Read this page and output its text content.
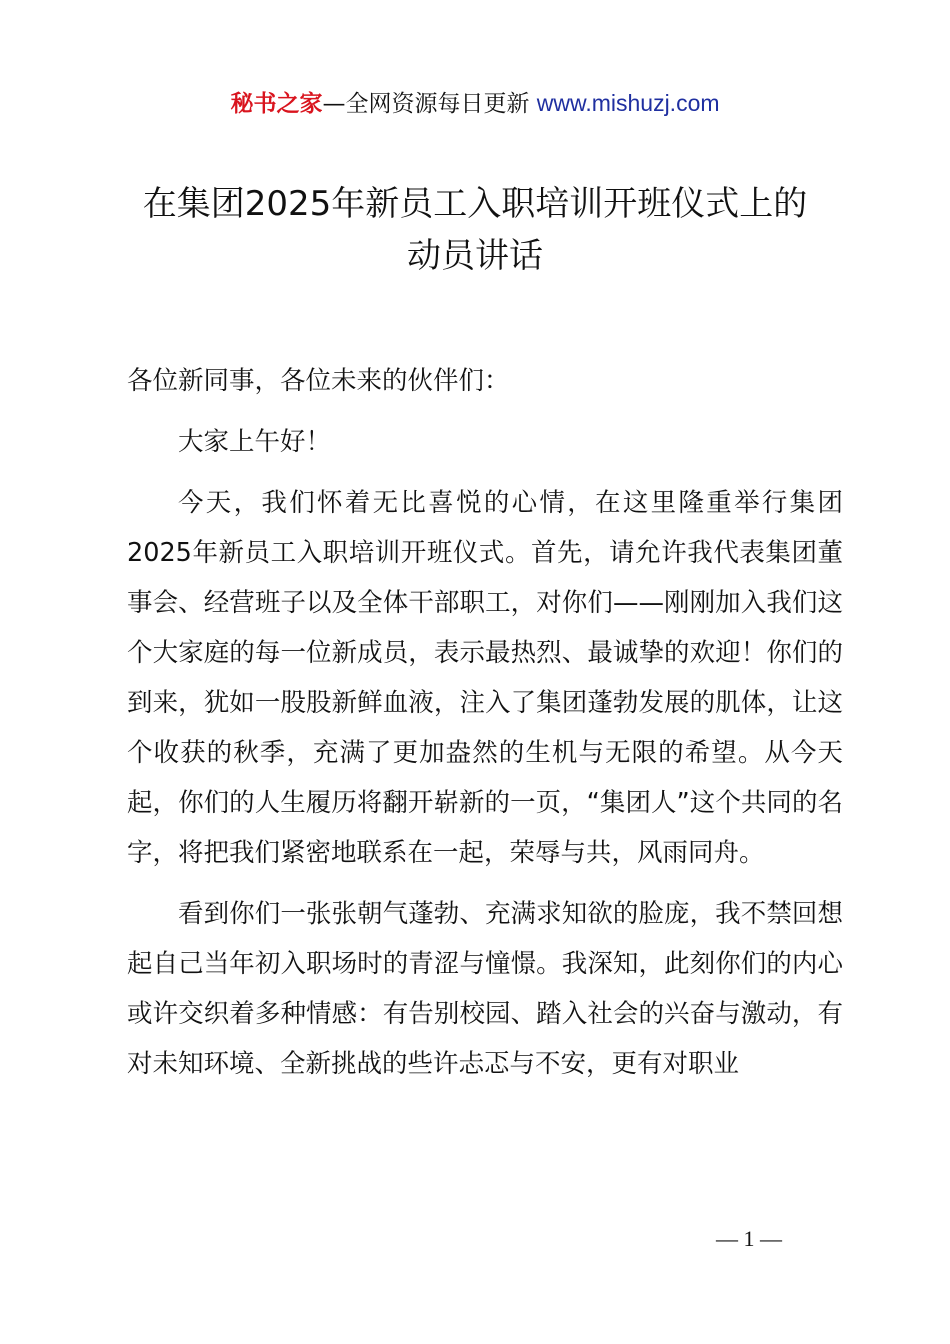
秘书之家—全网资源每日更新 www.mishuzj.com
在集团2025年新员工入职培训开班仪式上的
动员讲话

各位新同事，各位未来的伙伴们：

大家上午好！

今天，我们怀着无比喜悦的心情，在这里隆重举行集团2025年新员工入职培训开班仪式。首先，请允许我代表集团董事会、经营班子以及全体干部职工，对你们——刚刚加入我们这个大家庭的每一位新成员，表示最热烈、最诚挚的欢迎！你们的到来，犹如一股股新鲜血液，注入了集团蓬勃发展的肌体，让这个收获的秋季，充满了更加盎然的生机与无限的希望。从今天起，你们的人生履历将翻开崭新的一页，“集团人”这个共同的名字，将把我们紧密地联系在一起，荣辱与共，风雨同舟。

看到你们一张张朝气蓬勃、充满求知欲的脸庞，我不禁回想起自己当年初入职场时的青涩与憧憬。我深知，此刻你们的内心或许交织着多种情感：有告别校园、踏入社会的兴奋与激动，有对未知环境、全新挑战的些许忐忑与不安，更有对职业

— 1 —
